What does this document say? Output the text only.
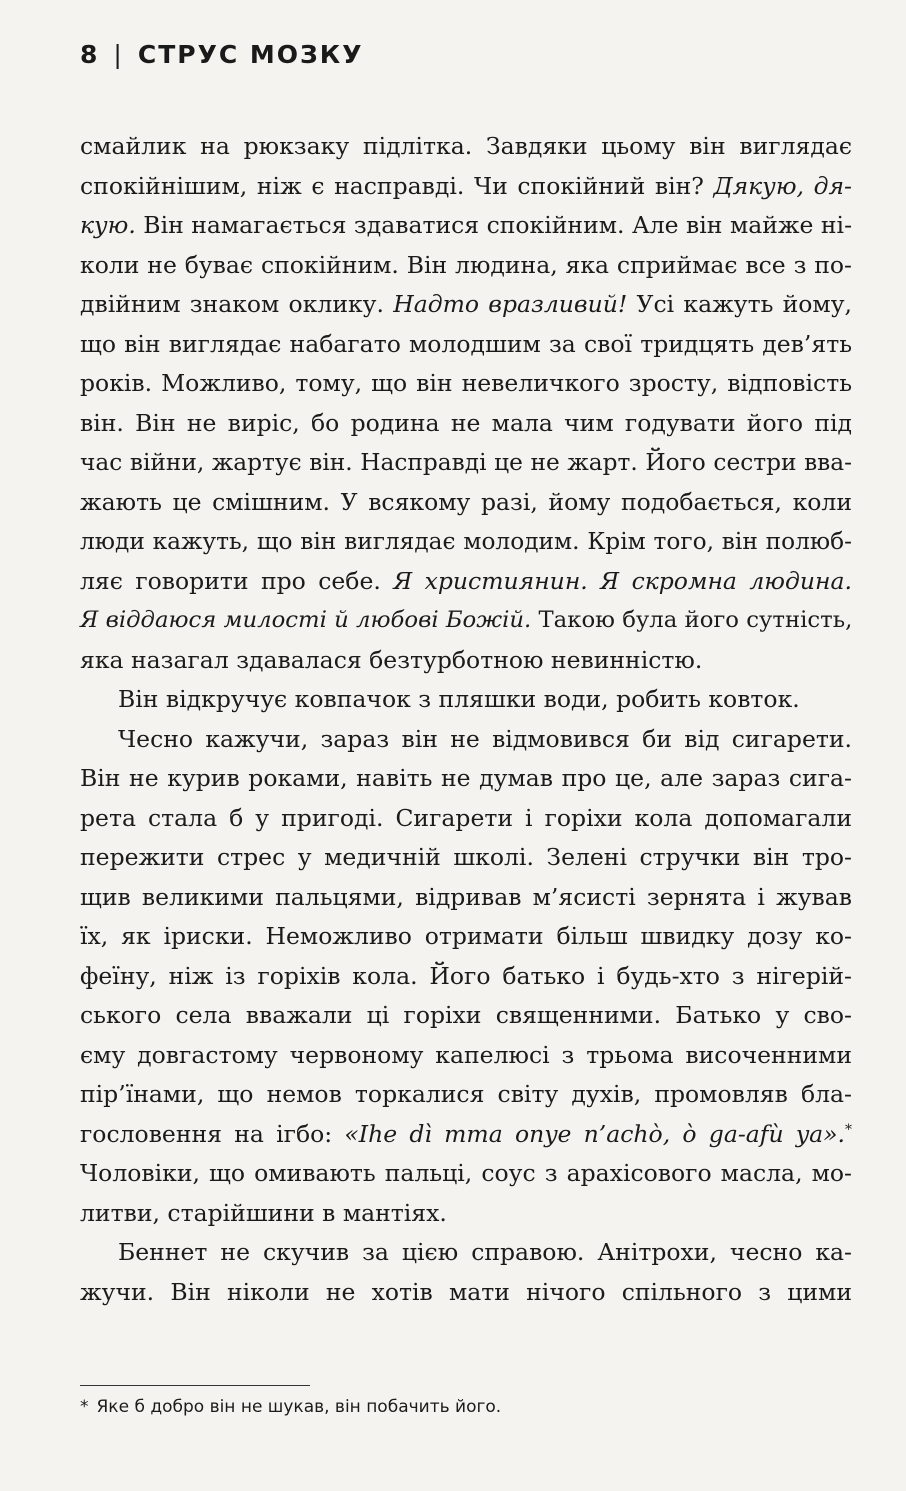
8 | СТРУС МОЗКУ
смайлик на рюкзаку підлітка. Завдяки цьому він виглядає
спокійнішим, ніж є насправді. Чи спокійний він? Дякую, дя-
кую. Він намагається здаватися спокійним. Але він майже ні-
коли не буває спокійним. Він людина, яка сприймає все з по-
двійним знаком оклику. Надто вразливий! Усі кажуть йому,
що він виглядає набагато молодшим за свої тридцять дев’ять
років. Можливо, тому, що він невеличкого зросту, відповість
він. Він не виріс, бо родина не мала чим годувати його під
час війни, жартує він. Насправді це не жарт. Його сестри вва-
жають це смішним. У всякому разі, йому подобається, коли
люди кажуть, що він виглядає молодим. Крім того, він полюб-
ляє говорити про себе. Я християнин. Я скромна людина.
Я віддаюся милості й любові Божій. Такою була його сутність,
яка назагал здавалася безтурботною невинністю.
Він відкручує ковпачок з пляшки води, робить ковток.
Чесно кажучи, зараз він не відмовився би від сигарети.
Він не курив роками, навіть не думав про це, але зараз сига-
рета стала б у пригоді. Сигарети і горіхи кола допомагали
пережити стрес у медичній школі. Зелені стручки він тро-
щив великими пальцями, відривав м’ясисті зернята і жував
їх, як іриски. Неможливо отримати більш швидку дозу ко-
феїну, ніж із горіхів кола. Його батько і будь-хто з нігерій-
ського села вважали ці горіхи священними. Батько у сво-
єму довгастому червоному капелюсі з трьома височенними
пір’їнами, що немов торкалися світу духів, промовляв бла-
гословення на ігбо: «Ihe dì mma onye n’achò, ò ga-afù ya».*
Чоловіки, що омивають пальці, соус з арахісового масла, мо-
литви, старійшини в мантіях.
Беннет не скучив за цією справою. Анітрохи, чесно ка-
жучи. Він ніколи не хотів мати нічого спільного з цими
* Яке б добро він не шукав, він побачить його.
